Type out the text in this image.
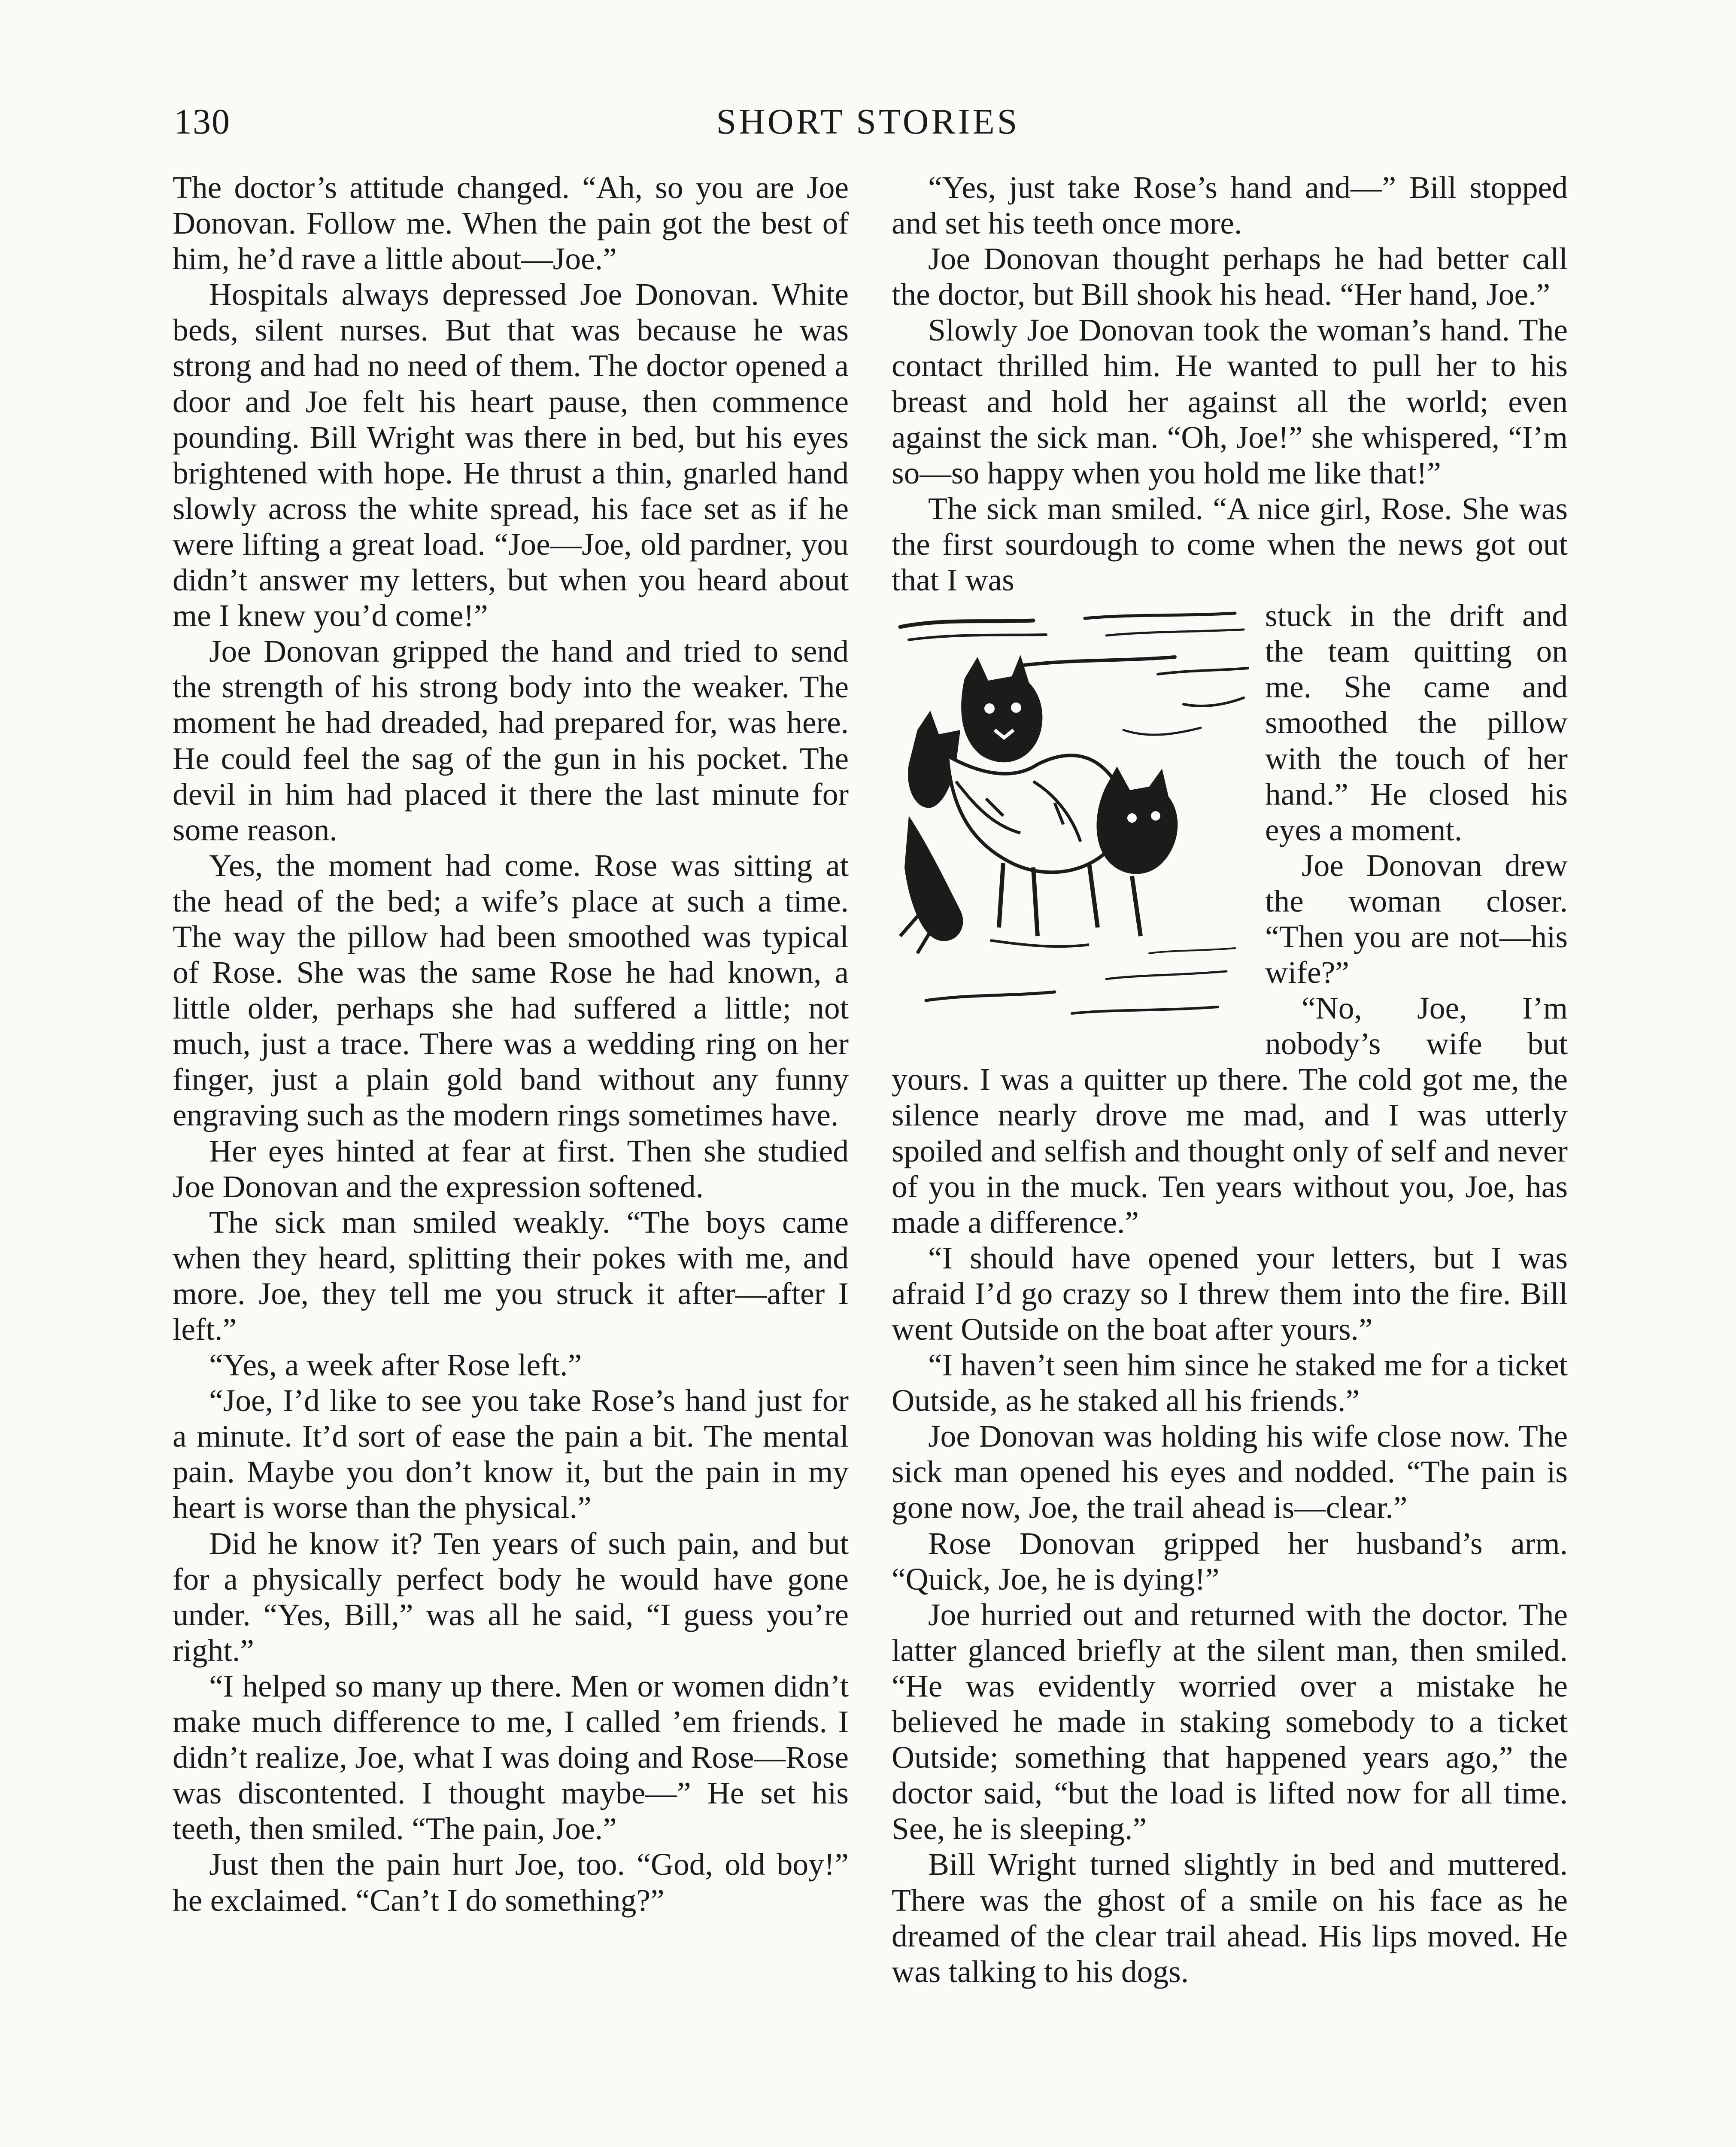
130	SHORT STORIES

The doctor’s attitude changed. “Ah, so you are Joe Donovan. Follow me. When the pain got the best of him, he’d rave a little about—Joe.”

Hospitals always depressed Joe Donovan. White beds, silent nurses. But that was because he was strong and had no need of them. The doctor opened a door and Joe felt his heart pause, then commence pounding. Bill Wright was there in bed, but his eyes brightened with hope. He thrust a thin, gnarled hand slowly across the white spread, his face set as if he were lifting a great load. “Joe—Joe, old pardner, you didn’t answer my letters, but when you heard about me I knew you’d come!”

Joe Donovan gripped the hand and tried to send the strength of his strong body into the weaker. The moment he had dreaded, had prepared for, was here. He could feel the sag of the gun in his pocket. The devil in him had placed it there the last minute for some reason.

Yes, the moment had come. Rose was sitting at the head of the bed; a wife’s place at such a time. The way the pillow had been smoothed was typical of Rose. She was the same Rose he had known, a little older, perhaps she had suffered a little; not much, just a trace. There was a wedding ring on her finger, just a plain gold band without any funny engraving such as the modern rings sometimes have.

Her eyes hinted at fear at first. Then she studied Joe Donovan and the expression softened.

The sick man smiled weakly. “The boys came when they heard, splitting their pokes with me, and more. Joe, they tell me you struck it after—after I left.”

“Yes, a week after Rose left.”

“Joe, I’d like to see you take Rose’s hand just for a minute. It’d sort of ease the pain a bit. The mental pain. Maybe you don’t know it, but the pain in my heart is worse than the physical.”

Did he know it? Ten years of such pain, and but for a physically perfect body he would have gone under. “Yes, Bill,” was all he said, “I guess you’re right.”

“I helped so many up there. Men or women didn’t make much difference to me, I called ’em friends. I didn’t realize, Joe, what I was doing and Rose—Rose was discontented. I thought maybe—” He set his teeth, then smiled. “The pain, Joe.”

Just then the pain hurt Joe, too. “God, old boy!” he exclaimed. “Can’t I do something?”

“Yes, just take Rose’s hand and—” Bill stopped and set his teeth once more.

Joe Donovan thought perhaps he had better call the doctor, but Bill shook his head. “Her hand, Joe.”

Slowly Joe Donovan took the woman’s hand. The contact thrilled him. He wanted to pull her to his breast and hold her against all the world; even against the sick man. “Oh, Joe!” she whispered, “I’m so—so happy when you hold me like that!”

The sick man smiled. “A nice girl, Rose. She was the first sourdough to come when the news got out that I was

stuck in the drift and the team quitting on me. She came and smoothed the pillow with the touch of her hand.” He closed his eyes a moment.

Joe Donovan drew the woman closer. “Then you are not—his wife?”

“No, Joe, I’m nobody’s wife but yours. I was a quitter up there. The cold got me, the silence nearly drove me mad, and I was utterly spoiled and selfish and thought only of self and never of you in the muck. Ten years without you, Joe, has made a difference.”

“I should have opened your letters, but I was afraid I’d go crazy so I threw them into the fire. Bill went Outside on the boat after yours.”

“I haven’t seen him since he staked me for a ticket Outside, as he staked all his friends.”

Joe Donovan was holding his wife close now. The sick man opened his eyes and nodded. “The pain is gone now, Joe, the trail ahead is—clear.”

Rose Donovan gripped her husband’s arm. “Quick, Joe, he is dying!”

Joe hurried out and returned with the doctor. The latter glanced briefly at the silent man, then smiled. “He was evidently worried over a mistake he believed he made in staking somebody to a ticket Outside; something that happened years ago,” the doctor said, “but the load is lifted now for all time. See, he is sleeping.”

Bill Wright turned slightly in bed and muttered. There was the ghost of a smile on his face as he dreamed of the clear trail ahead. His lips moved. He was talking to his dogs.
